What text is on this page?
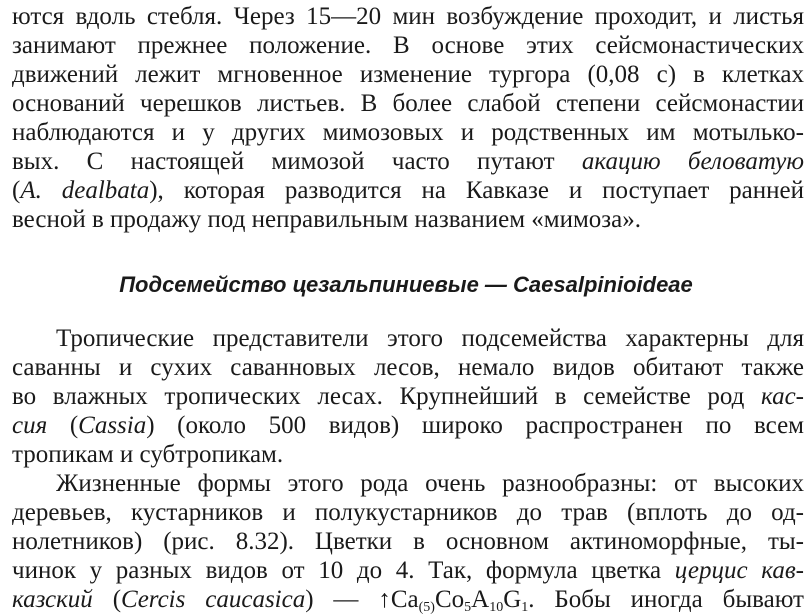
ются вдоль стебля. Через 15—20 мин возбуждение проходит, и листья
занимают прежнее положение. В основе этих сейсмонастических
движений лежит мгновенное изменение тургора (0,08 с) в клетках
оснований черешков листьев. В более слабой степени сейсмонастии
наблюдаются и у других мимозовых и родственных им мотылько-
вых. С настоящей мимозой часто путают акацию беловатую
(A. dealbata), которая разводится на Кавказе и поступает ранней
весной в продажу под неправильным названием «мимоза».
Подсемейство цезальпиниевые — Caesalpinioideae
Тропические представители этого подсемейства характерны для
саванны и сухих саванновых лесов, немало видов обитают также
во влажных тропических лесах. Крупнейший в семействе род кас-
сия (Cassia) (около 500 видов) широко распространен по всем
тропикам и субтропикам.
Жизненные формы этого рода очень разнообразны: от высоких
деревьев, кустарников и полукустарников до трав (вплоть до од-
нолетников) (рис. 8.32). Цветки в основном актиноморфные, ты-
чинок у разных видов от 10 до 4. Так, формула цветка церцис кав-
казский (Cercis caucasica) — $↑Ca_{(5)}Co_5A_{10}G_1$. Бобы иногда бывают
